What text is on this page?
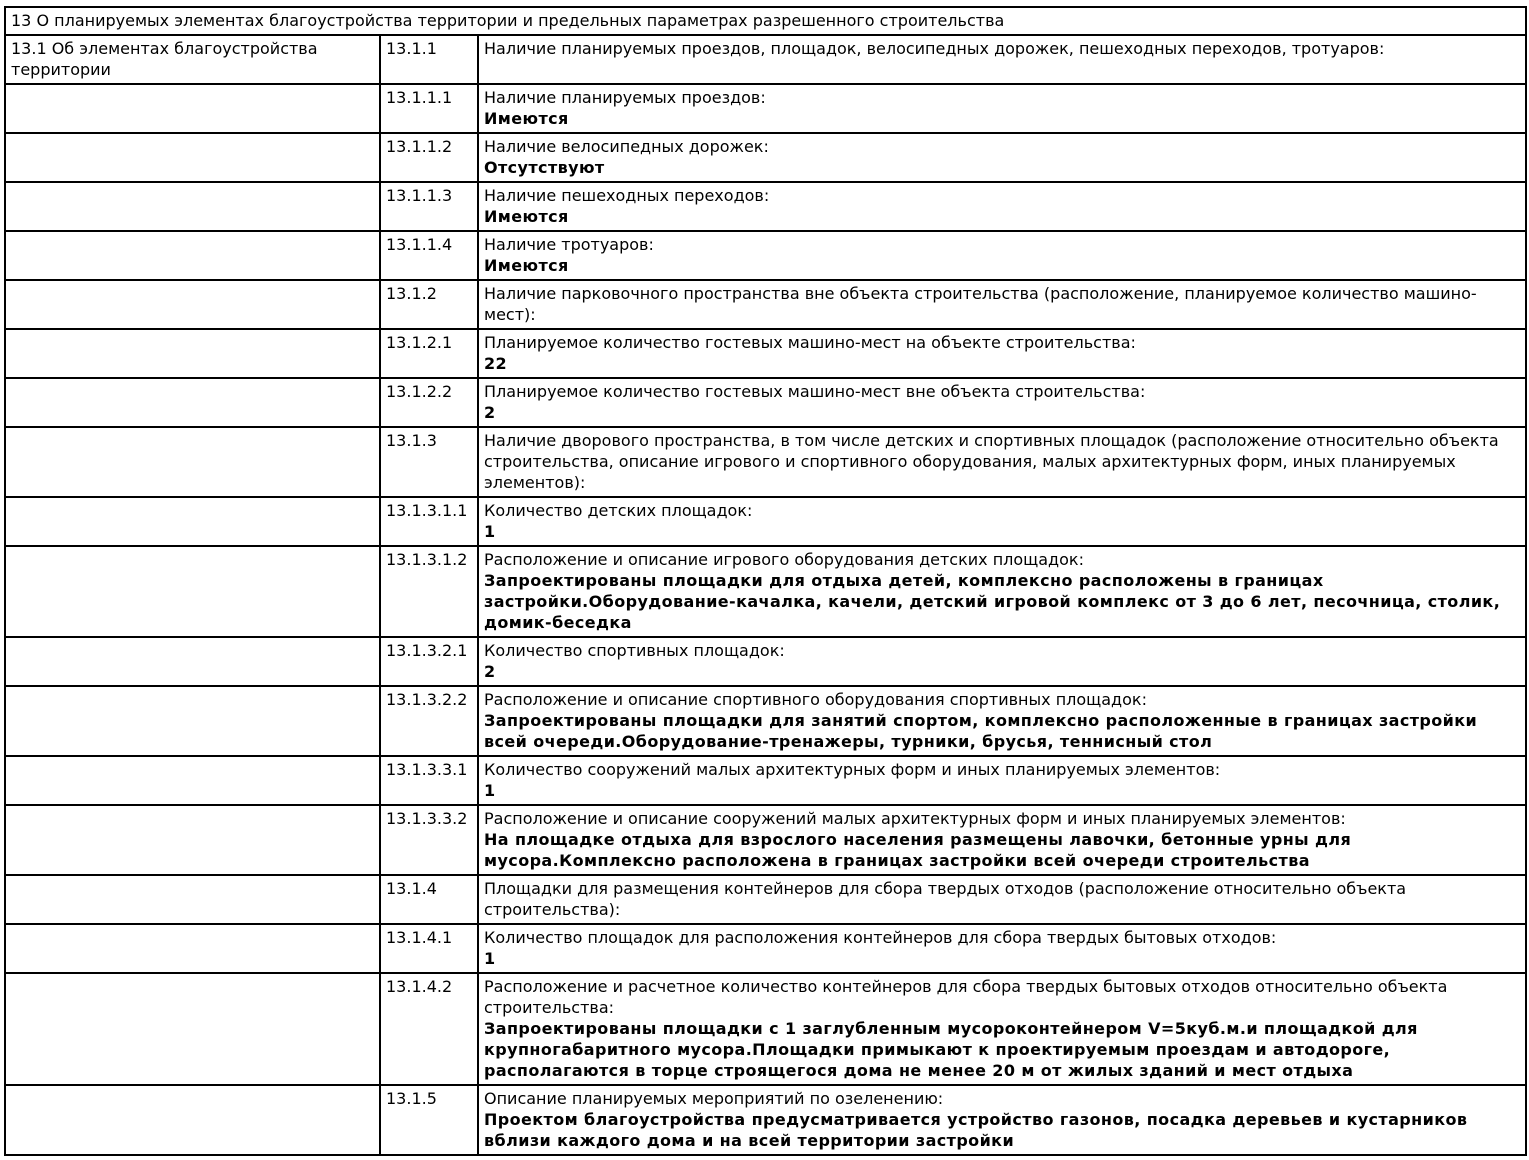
13 О планируемых элементах благоустройства территории и предельных параметрах разрешенного строительства		
13.1 Об элементах благоустройства территории	13.1.1	Наличие планируемых проездов, площадок, велосипедных дорожек, пешеходных переходов, тротуаров:

	13.1.1.1	Наличие планируемых проездов:
Имеются

	13.1.1.2	Наличие велосипедных дорожек:
Отсутствуют

	13.1.1.3	Наличие пешеходных переходов:
Имеются

	13.1.1.4	Наличие тротуаров:
Имеются

	13.1.2	Наличие парковочного пространства вне объекта строительства (расположение, планируемое количество машино-мест):

	13.1.2.1	Планируемое количество гостевых машино-мест на объекте строительства:
22

	13.1.2.2	Планируемое количество гостевых машино-мест вне объекта строительства:
2

	13.1.3	Наличие дворового пространства, в том числе детских и спортивных площадок (расположение относительно объекта строительства, описание игрового и спортивного оборудования, малых архитектурных форм, иных планируемых элементов):

	13.1.3.1.1	Количество детских площадок:
1

	13.1.3.1.2	Расположение и описание игрового оборудования детских площадок:
Запроектированы площадки для отдыха детей, комплексно расположены в границах застройки.Оборудование-качалка, качели, детский игровой комплекс от 3 до 6 лет, песочница, столик, домик-беседка

	13.1.3.2.1	Количество спортивных площадок:
2

	13.1.3.2.2	Расположение и описание спортивного оборудования спортивных площадок:
Запроектированы площадки для занятий спортом, комплексно расположенные в границах застройки всей очереди.Оборудование-тренажеры, турники, брусья, теннисный стол

	13.1.3.3.1	Количество сооружений малых архитектурных форм и иных планируемых элементов:
1

	13.1.3.3.2	Расположение и описание сооружений малых архитектурных форм и иных планируемых элементов:
На площадке отдыха для взрослого населения размещены лавочки, бетонные урны для мусора.Комплексно расположена в границах застройки всей очереди строительства

	13.1.4	Площадки для размещения контейнеров для сбора твердых отходов (расположение относительно объекта строительства):

	13.1.4.1	Количество площадок для расположения контейнеров для сбора твердых бытовых отходов:
1

	13.1.4.2	Расположение и расчетное количество контейнеров для сбора твердых бытовых отходов относительно объекта строительства:
Запроектированы площадки с 1 заглубленным мусороконтейнером V=5куб.м.и площадкой для крупногабаритного мусора.Площадки примыкают к проектируемым проездам и автодороге, располагаются в торце строящегося дома не менее 20 м от жилых зданий и мест отдыха

	13.1.5	Описание планируемых мероприятий по озеленению:
Проектом благоустройства предусматривается устройство газонов, посадка деревьев и кустарников вблизи каждого дома и на всей территории застройки
